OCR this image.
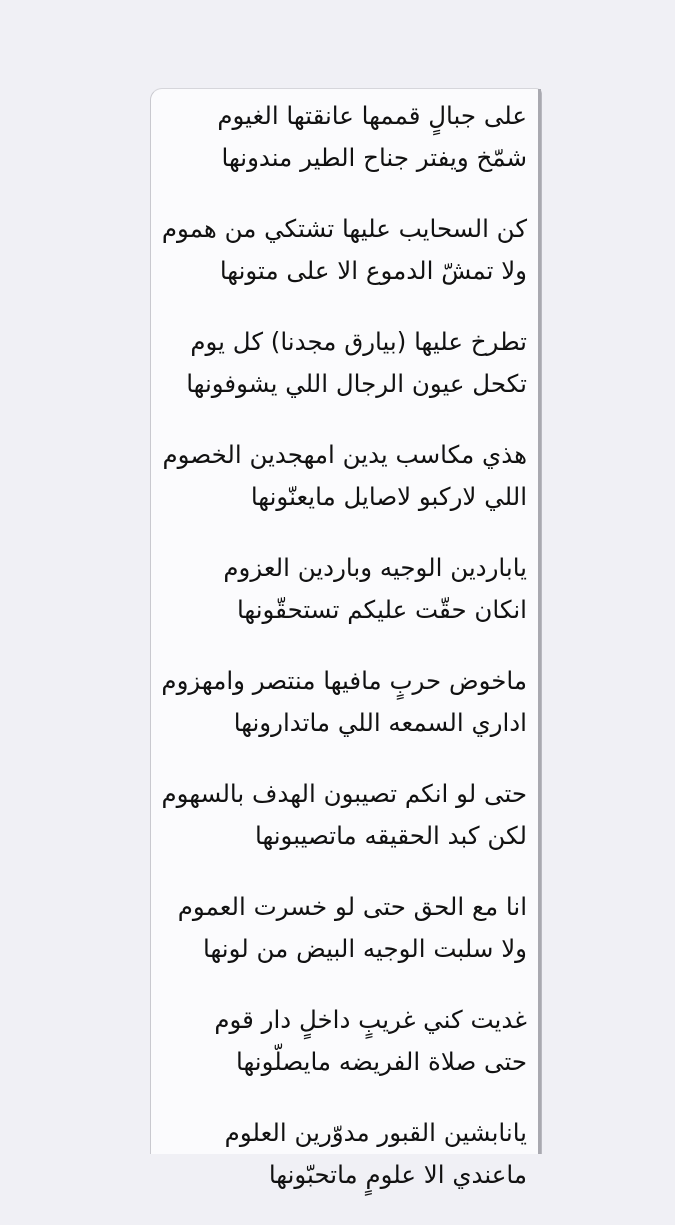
على جبالٍ قممها عانقتها الغيوم
شمّخ ويفتر جناح الطير مندونها
كن السحايب عليها تشتكي من هموم
ولا تمشّ الدموع الا على متونها
تطرخ عليها (بيارق مجدنا) كل يوم
تكحل عيون الرجال اللي يشوفونها
هذي مكاسب يدين امهجدين الخصوم
اللي لاركبو لاصايل مايعنّونها
ياباردين الوجيه وباردين العزوم
انكان حقّت عليكم تستحقّونها
ماخوض حربٍ مافيها منتصر وامهزوم
اداري السمعه اللي ماتدارونها
حتى لو انكم تصيبون الهدف بالسهوم
لكن كبد الحقيقه ماتصيبونها
انا مع الحق حتى لو خسرت العموم
ولا سلبت الوجيه البيض من لونها
غديت كني غريبٍ داخلٍ دار قوم
حتى صلاة الفريضه مايصلّونها
يانابشين القبور مدوّرين العلوم
ماعندي الا علومٍ ماتحبّونها
